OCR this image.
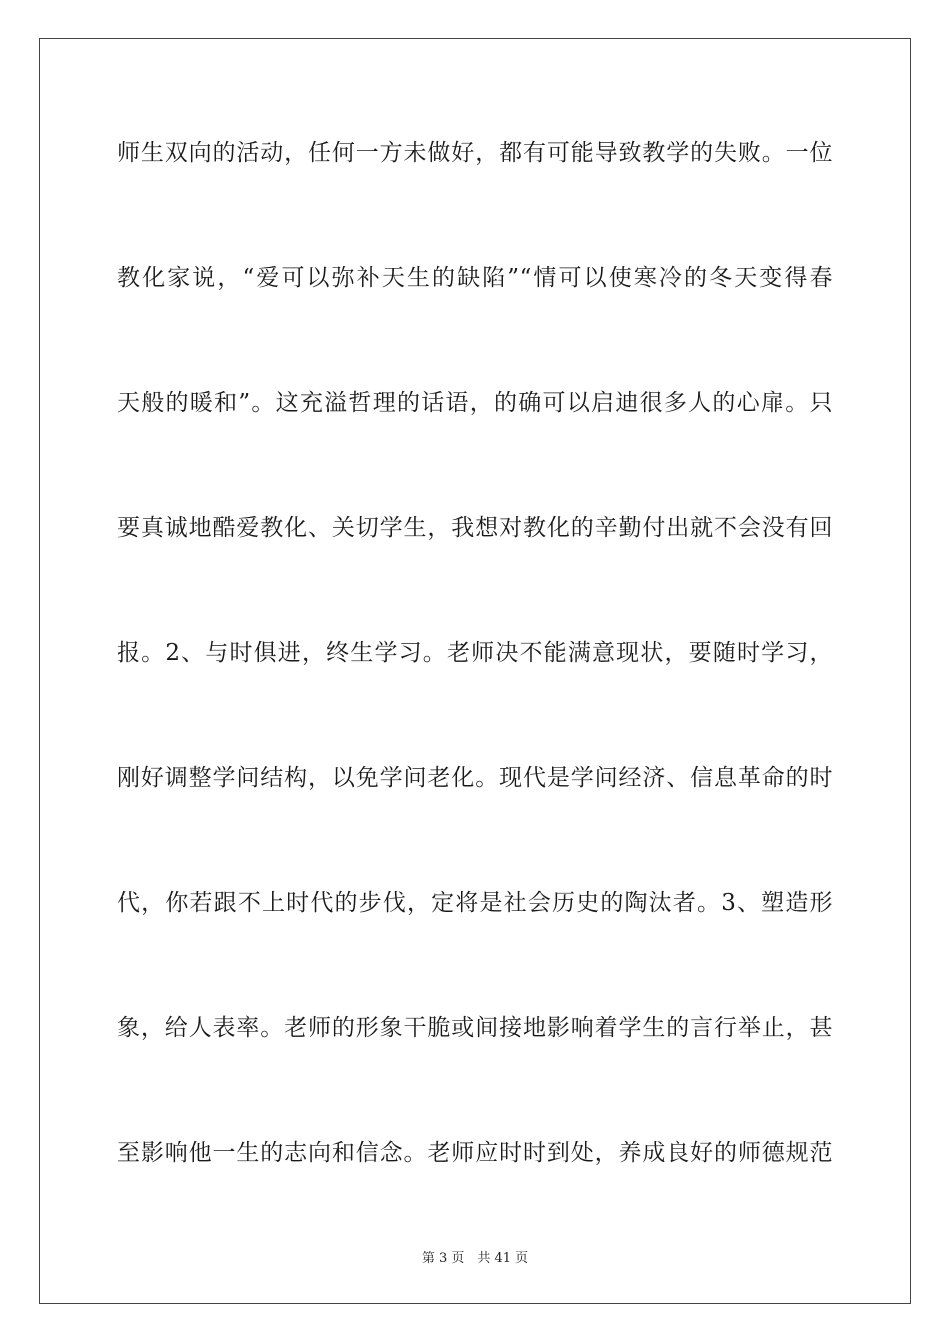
师生双向的活动，任何一方未做好，都有可能导致教学的失败。一位
教化家说，“爱可以弥补天生的缺陷”“情可以使寒冷的冬天变得春
天般的暖和”。这充溢哲理的话语，的确可以启迪很多人的心扉。只
要真诚地酷爱教化、关切学生，我想对教化的辛勤付出就不会没有回
报。2、与时俱进，终生学习。老师决不能满意现状，要随时学习，
刚好调整学问结构，以免学问老化。现代是学问经济、信息革命的时
代，你若跟不上时代的步伐，定将是社会历史的陶汰者。3、塑造形
象，给人表率。老师的形象干脆或间接地影响着学生的言行举止，甚
至影响他一生的志向和信念。老师应时时到处，养成良好的师德规范
第 3 页　共 41 页
